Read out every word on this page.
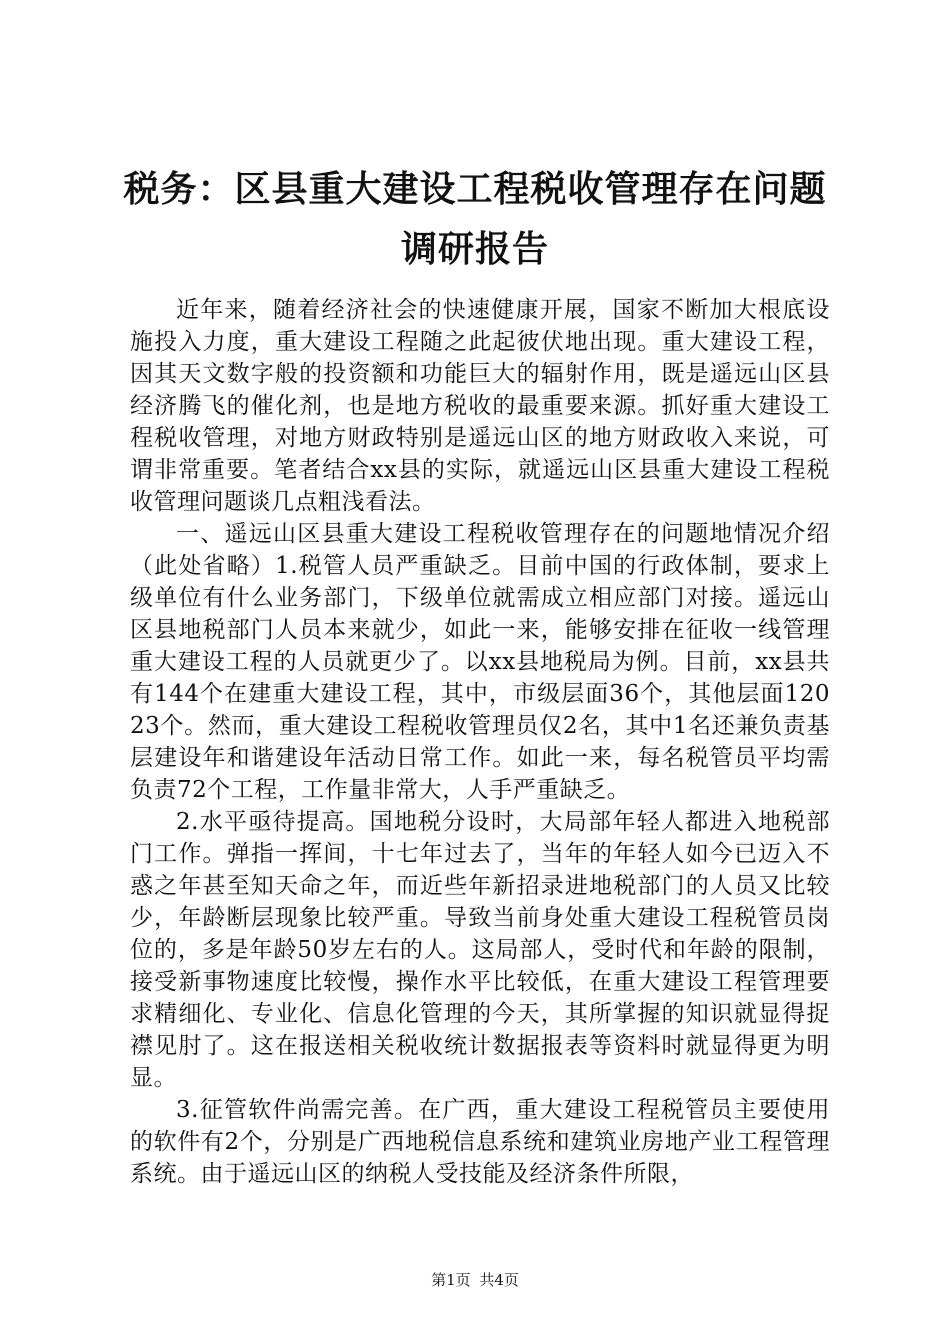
税务：区县重大建设工程税收管理存在问题调研报告

近年来，随着经济社会的快速健康开展，国家不断加大根底设施投入力度，重大建设工程随之此起彼伏地出现。重大建设工程，因其天文数字般的投资额和功能巨大的辐射作用，既是遥远山区县经济腾飞的催化剂，也是地方税收的最重要来源。抓好重大建设工程税收管理，对地方财政特别是遥远山区的地方财政收入来说，可谓非常重要。笔者结合xx县的实际，就遥远山区县重大建设工程税收管理问题谈几点粗浅看法。

一、遥远山区县重大建设工程税收管理存在的问题地情况介绍（此处省略）1.税管人员严重缺乏。目前中国的行政体制，要求上级单位有什么业务部门，下级单位就需成立相应部门对接。遥远山区县地税部门人员本来就少，如此一来，能够安排在征收一线管理重大建设工程的人员就更少了。以xx县地税局为例。目前，xx县共有144个在建重大建设工程，其中，市级层面36个，其他层面12023个。然而，重大建设工程税收管理员仅2名，其中1名还兼负责基层建设年和谐建设年活动日常工作。如此一来，每名税管员平均需负责72个工程，工作量非常大，人手严重缺乏。

2.水平亟待提高。国地税分设时，大局部年轻人都进入地税部门工作。弹指一挥间，十七年过去了，当年的年轻人如今已迈入不惑之年甚至知天命之年，而近些年新招录进地税部门的人员又比较少，年龄断层现象比较严重。导致当前身处重大建设工程税管员岗位的，多是年龄50岁左右的人。这局部人，受时代和年龄的限制，接受新事物速度比较慢，操作水平比较低，在重大建设工程管理要求精细化、专业化、信息化管理的今天，其所掌握的知识就显得捉襟见肘了。这在报送相关税收统计数据报表等资料时就显得更为明显。

3.征管软件尚需完善。在广西，重大建设工程税管员主要使用的软件有2个，分别是广西地税信息系统和建筑业房地产业工程管理系统。由于遥远山区的纳税人受技能及经济条件所限，

第1页 共4页
